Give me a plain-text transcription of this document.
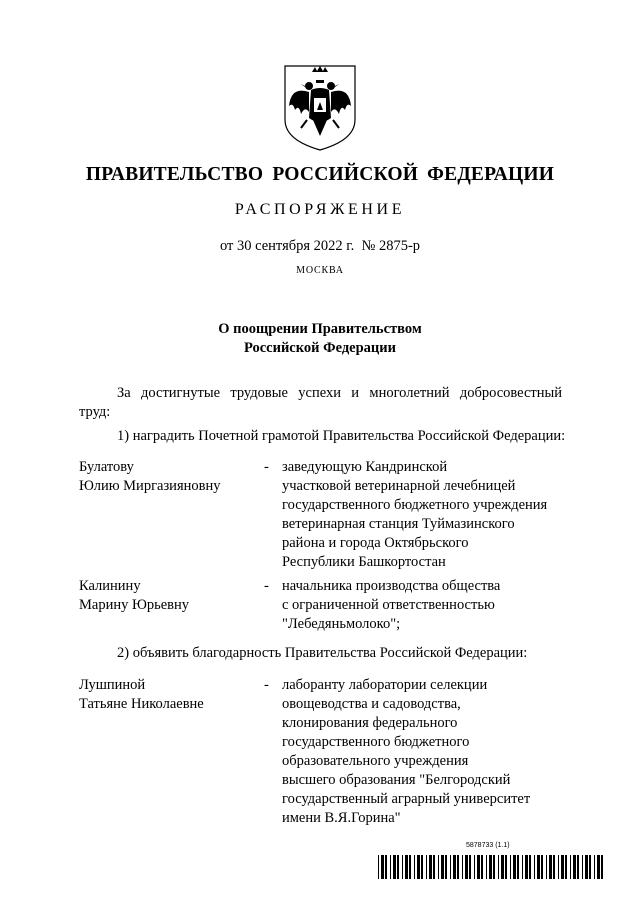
ПРАВИТЕЛЬСТВО РОССИЙСКОЙ ФЕДЕРАЦИИ
РАСПОРЯЖЕНИЕ
от 30 сентября 2022 г. № 2875-р
МОСКВА
О поощрении Правительством
Российской Федерации
За достигнутые трудовые успехи и многолетний добросовестный
труд:
1) наградить Почетной грамотой Правительства Российской Федерации:
Булатову
Юлию Миргазияновну
- заведующую Кандринской
участковой ветеринарной лечебницей
государственного бюджетного учреждения
ветеринарная станция Туймазинского
района и города Октябрьского
Республики Башкортостан
Калинину
Марину Юрьевну
- начальника производства общества
с ограниченной ответственностью
"Лебедяньмолоко";
2) объявить благодарность Правительства Российской Федерации:
Лушпиной
Татьяне Николаевне
- лаборанту лаборатории селекции
овощеводства и садоводства,
клонирования федерального
государственного бюджетного
образовательного учреждения
высшего образования "Белгородский
государственный аграрный университет
имени В.Я.Горина"
5878733 (1.1)
